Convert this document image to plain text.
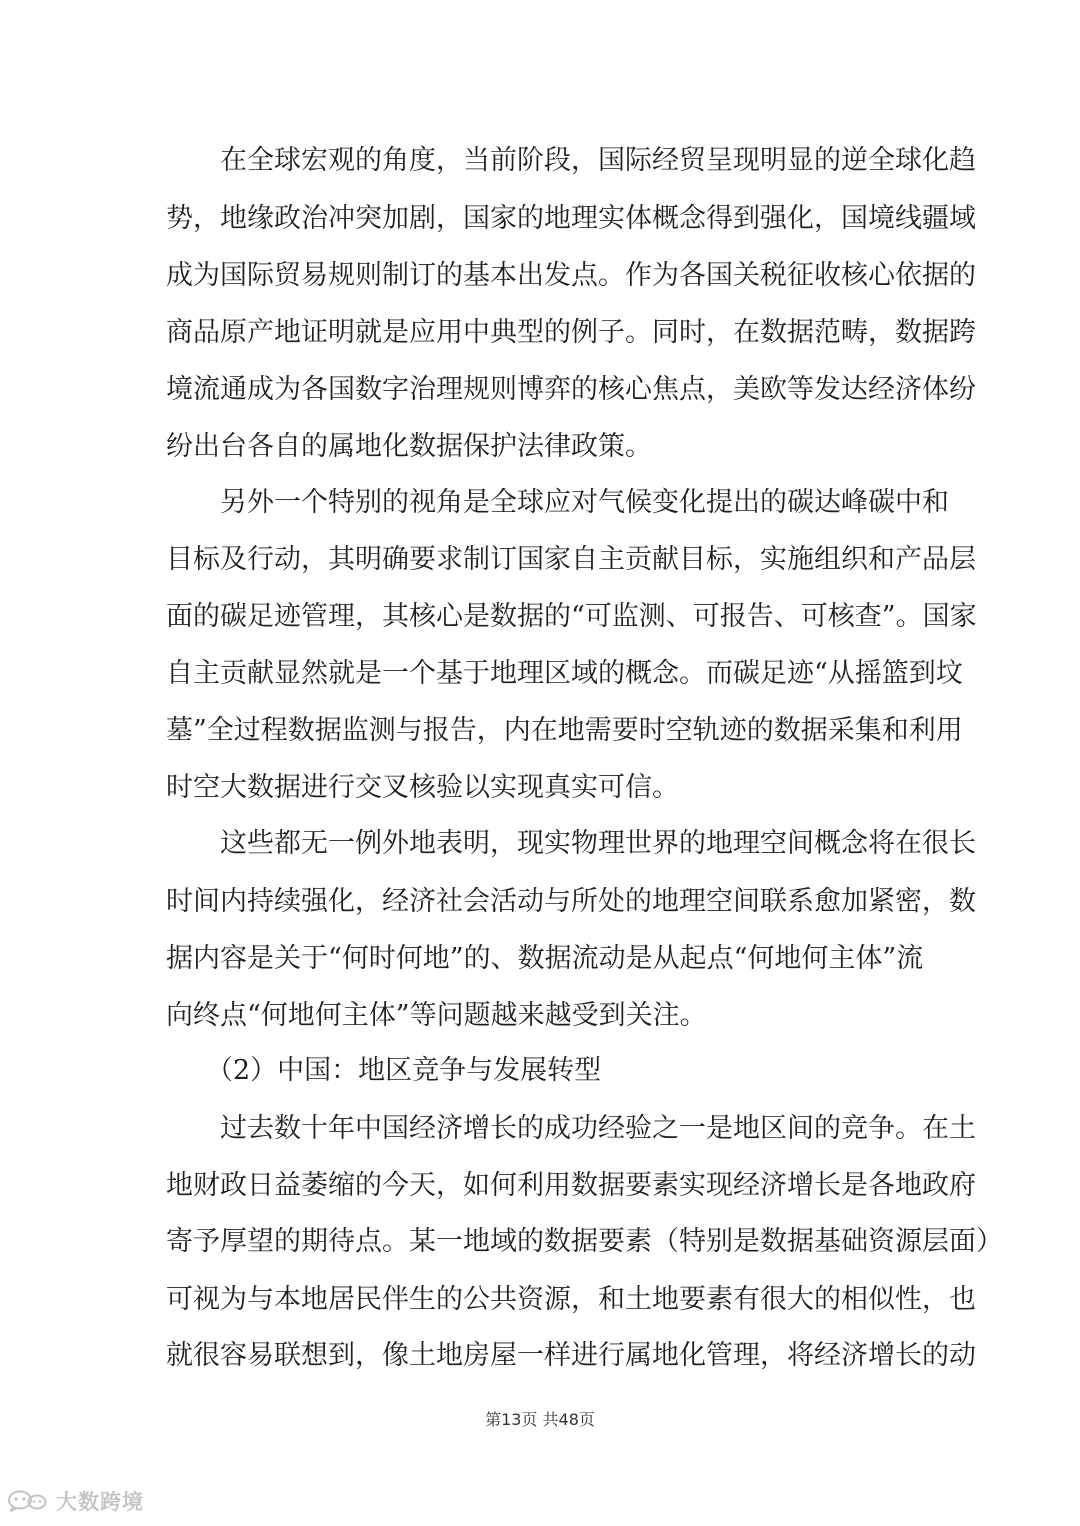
在全球宏观的角度，当前阶段，国际经贸呈现明显的逆全球化趋
势，地缘政治冲突加剧，国家的地理实体概念得到强化，国境线疆域
成为国际贸易规则制订的基本出发点。作为各国关税征收核心依据的
商品原产地证明就是应用中典型的例子。同时，在数据范畴，数据跨
境流通成为各国数字治理规则博弈的核心焦点，美欧等发达经济体纷
纷出台各自的属地化数据保护法律政策。
另外一个特别的视角是全球应对气候变化提出的碳达峰碳中和
目标及行动，其明确要求制订国家自主贡献目标，实施组织和产品层
面的碳足迹管理，其核心是数据的“可监测、可报告、可核查”。国家
自主贡献显然就是一个基于地理区域的概念。而碳足迹“从摇篮到坟
墓”全过程数据监测与报告，内在地需要时空轨迹的数据采集和利用
时空大数据进行交叉核验以实现真实可信。
这些都无一例外地表明，现实物理世界的地理空间概念将在很长
时间内持续强化，经济社会活动与所处的地理空间联系愈加紧密，数
据内容是关于“何时何地”的、数据流动是从起点“何地何主体”流
向终点“何地何主体”等问题越来越受到关注。
（2）中国：地区竞争与发展转型
过去数十年中国经济增长的成功经验之一是地区间的竞争。在土
地财政日益萎缩的今天，如何利用数据要素实现经济增长是各地政府
寄予厚望的期待点。某一地域的数据要素（特别是数据基础资源层面）
可视为与本地居民伴生的公共资源，和土地要素有很大的相似性，也
就很容易联想到，像土地房屋一样进行属地化管理，将经济增长的动
第13页 共48页
大数跨境
